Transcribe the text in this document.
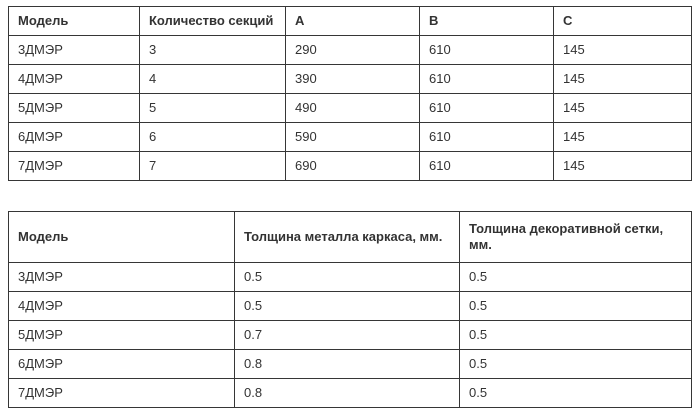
Модель	Количество секций	A	B	C
3ДМЭР	3	290	610	145
4ДМЭР	4	390	610	145
5ДМЭР	5	490	610	145
6ДМЭР	6	590	610	145
7ДМЭР	7	690	610	145
Модель	Толщина металла каркаса, мм.	Толщина декоративной сетки, мм.
3ДМЭР	0.5	0.5
4ДМЭР	0.5	0.5
5ДМЭР	0.7	0.5
6ДМЭР	0.8	0.5
7ДМЭР	0.8	0.5
